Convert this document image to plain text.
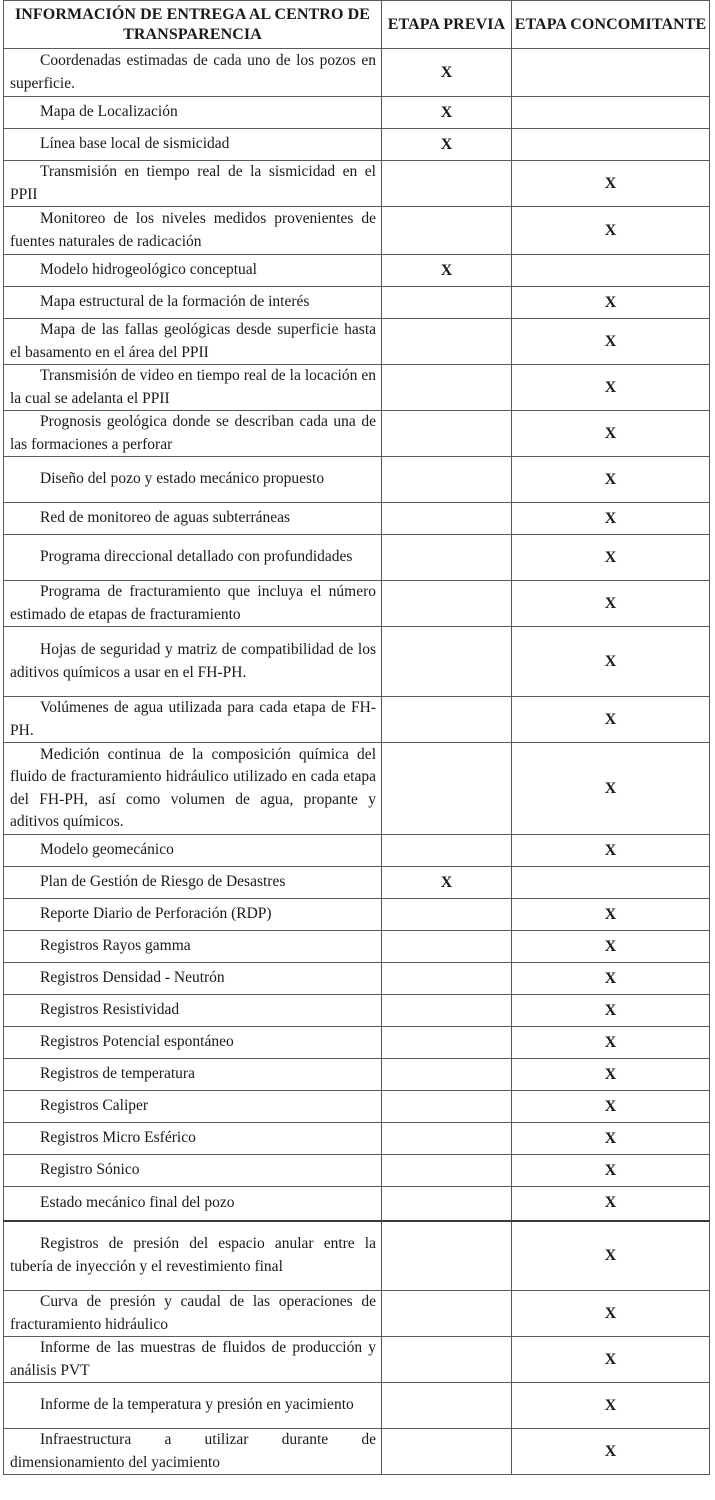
INFORMACIÓN DE ENTREGA AL CENTRO DE TRANSPARENCIA	ETAPA PREVIA	ETAPA CONCOMITANTE

Coordenadas estimadas de cada uno de los pozos en superficie.	X	

Mapa de Localización	X	

Línea base local de sismicidad	X	

Transmisión en tiempo real de la sismicidad en el PPII		X

Monitoreo de los niveles medidos provenientes de fuentes naturales de radicación		X

Modelo hidrogeológico conceptual	X	

Mapa estructural de la formación de interés		X

Mapa de las fallas geológicas desde superficie hasta el basamento en el área del PPII		X

Transmisión de video en tiempo real de la locación en la cual se adelanta el PPII		X

Prognosis geológica donde se describan cada una de las formaciones a perforar		X

Diseño del pozo y estado mecánico propuesto		X

Red de monitoreo de aguas subterráneas		X

Programa direccional detallado con profundidades		X

Programa de fracturamiento que incluya el número estimado de etapas de fracturamiento		X

Hojas de seguridad y matriz de compatibilidad de los aditivos químicos a usar en el FH-PH.		X

Volúmenes de agua utilizada para cada etapa de FH-PH.		X

Medición continua de la composición química del fluido de fracturamiento hidráulico utilizado en cada etapa del FH-PH, así como volumen de agua, propante y aditivos químicos.		X

Modelo geomecánico		X

Plan de Gestión de Riesgo de Desastres	X	

Reporte Diario de Perforación (RDP)		X

Registros Rayos gamma		X

Registros Densidad - Neutrón		X

Registros Resistividad		X

Registros Potencial espontáneo		X

Registros de temperatura		X

Registros Caliper		X

Registros Micro Esférico		X

Registro Sónico		X

Estado mecánico final del pozo		X

Registros de presión del espacio anular entre la tubería de inyección y el revestimiento final		X

Curva de presión y caudal de las operaciones de fracturamiento hidráulico		X

Informe de las muestras de fluidos de producción y análisis PVT		X

Informe de la temperatura y presión en yacimiento		X

Infraestructura a utilizar durante de dimensionamiento del yacimiento		X
